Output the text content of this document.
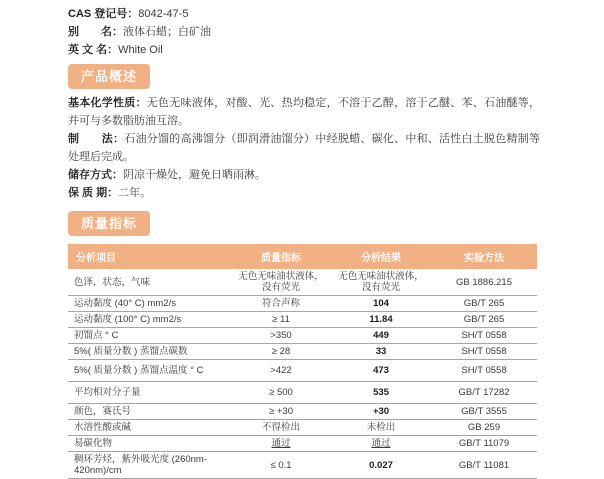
CAS 登记号：8042-47-5
别　　名：液体石蜡；白矿油
英 文 名：White Oil
产品概述
基本化学性质：无色无味液体，对酸、光、热均稳定，不溶于乙醇，溶于乙醚、苯、石油醚等，并可与多数脂肪油互溶。
制　　法：石油分馏的高沸馏分（即润滑油馏分）中经脱蜡、碳化、中和、活性白土脱色精制等处理后完成。
储存方式：阴凉干燥处，避免日晒雨淋。
保 质 期：二年。
质量指标
分析项目	质量指标	分析结果	实验方法
色泽，状态，气味	无色无味油状液体，没有荧光	无色无味油状液体，没有荧光	GB 1886.215
运动黏度 (40° C) mm2/s	符合声称	104	GB/T 265
运动黏度 (100° C) mm2/s	≥ 11	11.84	GB/T 265
初馏点 ° C	>350	449	SH/T 0558
5%( 质量分数 ) 蒸馏点碳数	≥ 28	33	SH/T 0558
5%( 质量分数 ) 蒸馏点温度 ° C	>422	473	SH/T 0558
平均相对分子量	≥ 500	535	GB/T 17282
颜色，赛氏号	≥ +30	+30	GB/T 3555
水溶性酸或碱	不得检出	未检出	GB 259
易碳化物	通过	通过	GB/T 11079
稠环芳烃，紫外吸光度 (260nm-420nm)/cm	≤ 0.1	0.027	GB/T 11081
